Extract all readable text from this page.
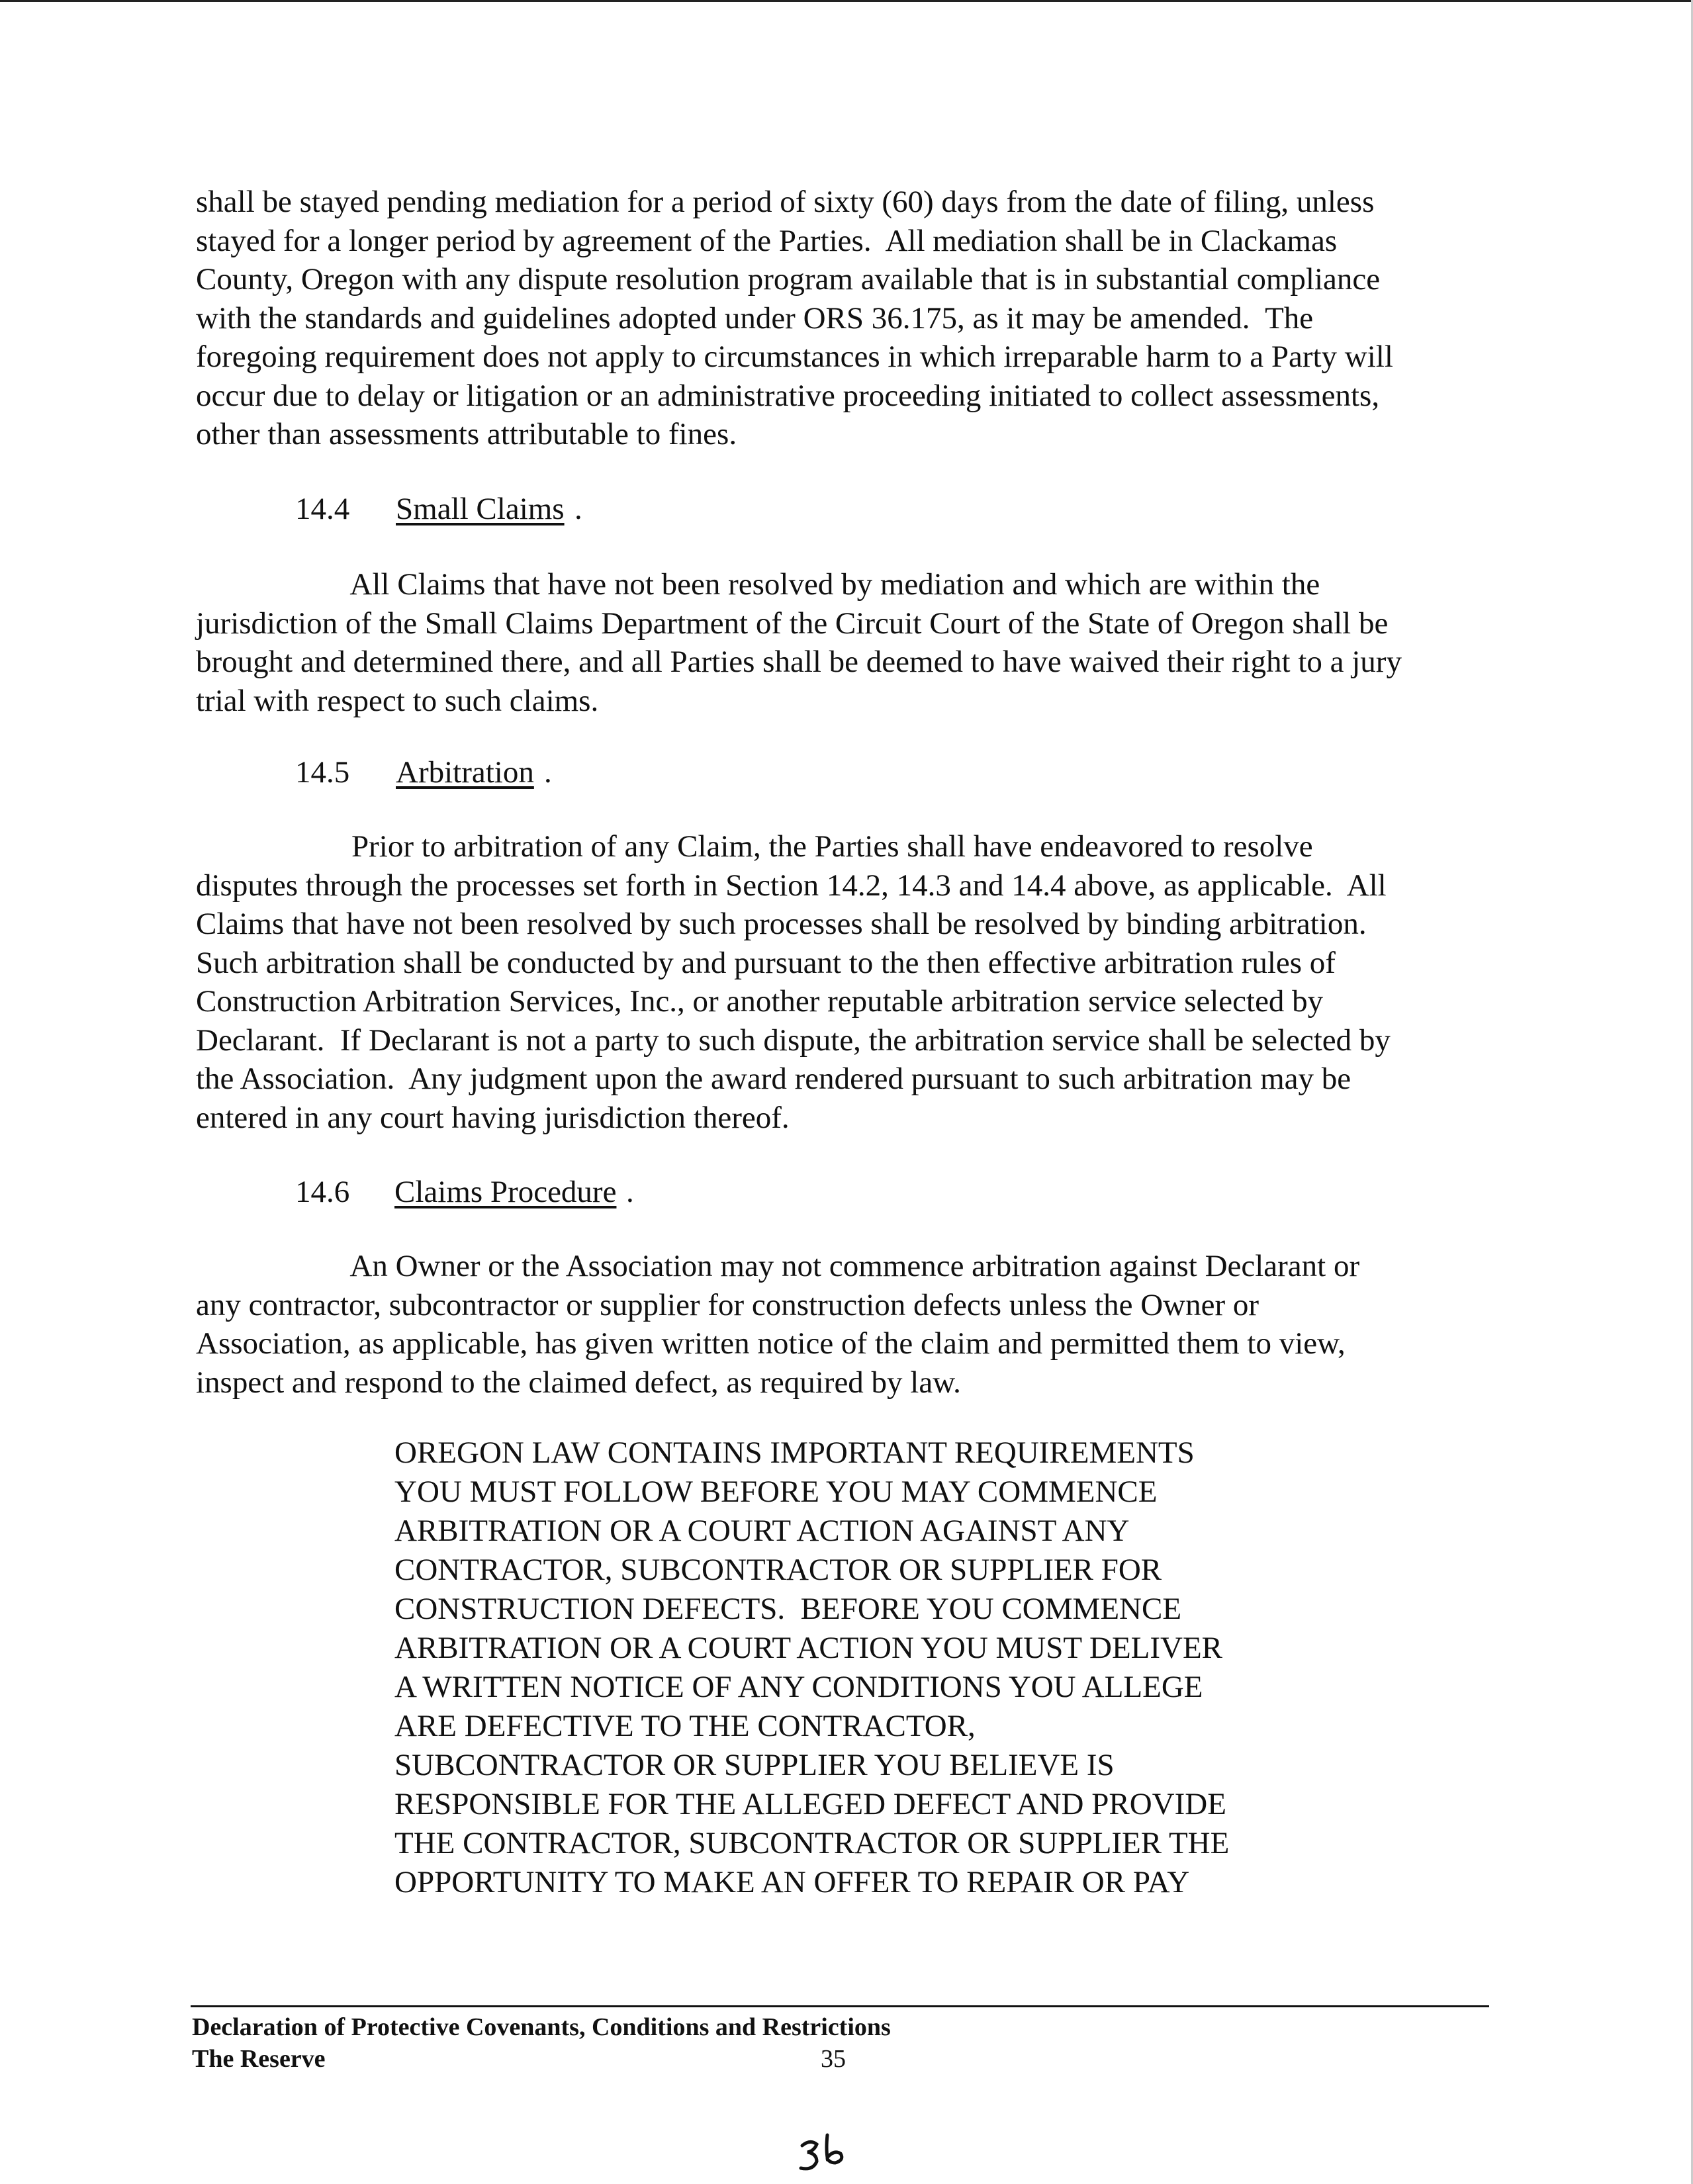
shall be stayed pending mediation for a period of sixty (60) days from the date of filing, unless
stayed for a longer period by agreement of the Parties.  All mediation shall be in Clackamas
County, Oregon with any dispute resolution program available that is in substantial compliance
with the standards and guidelines adopted under ORS 36.175, as it may be amended.  The
foregoing requirement does not apply to circumstances in which irreparable harm to a Party will
occur due to delay or litigation or an administrative proceeding initiated to collect assessments,
other than assessments attributable to fines.

14.4

Small Claims

.

All Claims that have not been resolved by mediation and which are within the
jurisdiction of the Small Claims Department of the Circuit Court of the State of Oregon shall be
brought and determined there, and all Parties shall be deemed to have waived their right to a jury
trial with respect to such claims.

14.5

Arbitration

.

Prior to arbitration of any Claim, the Parties shall have endeavored to resolve
disputes through the processes set forth in Section 14.2, 14.3 and 14.4 above, as applicable.  All
Claims that have not been resolved by such processes shall be resolved by binding arbitration.
Such arbitration shall be conducted by and pursuant to the then effective arbitration rules of
Construction Arbitration Services, Inc., or another reputable arbitration service selected by
Declarant.  If Declarant is not a party to such dispute, the arbitration service shall be selected by
the Association.  Any judgment upon the award rendered pursuant to such arbitration may be
entered in any court having jurisdiction thereof.

14.6

Claims Procedure

.

An Owner or the Association may not commence arbitration against Declarant or
any contractor, subcontractor or supplier for construction defects unless the Owner or
Association, as applicable, has given written notice of the claim and permitted them to view,
inspect and respond to the claimed defect, as required by law.

OREGON LAW CONTAINS IMPORTANT REQUIREMENTS
YOU MUST FOLLOW BEFORE YOU MAY COMMENCE
ARBITRATION OR A COURT ACTION AGAINST ANY
CONTRACTOR, SUBCONTRACTOR OR SUPPLIER FOR
CONSTRUCTION DEFECTS.  BEFORE YOU COMMENCE
ARBITRATION OR A COURT ACTION YOU MUST DELIVER
A WRITTEN NOTICE OF ANY CONDITIONS YOU ALLEGE
ARE DEFECTIVE TO THE CONTRACTOR,
SUBCONTRACTOR OR SUPPLIER YOU BELIEVE IS
RESPONSIBLE FOR THE ALLEGED DEFECT AND PROVIDE
THE CONTRACTOR, SUBCONTRACTOR OR SUPPLIER THE
OPPORTUNITY TO MAKE AN OFFER TO REPAIR OR PAY

Declaration of Protective Covenants, Conditions and Restrictions
The Reserve	35
